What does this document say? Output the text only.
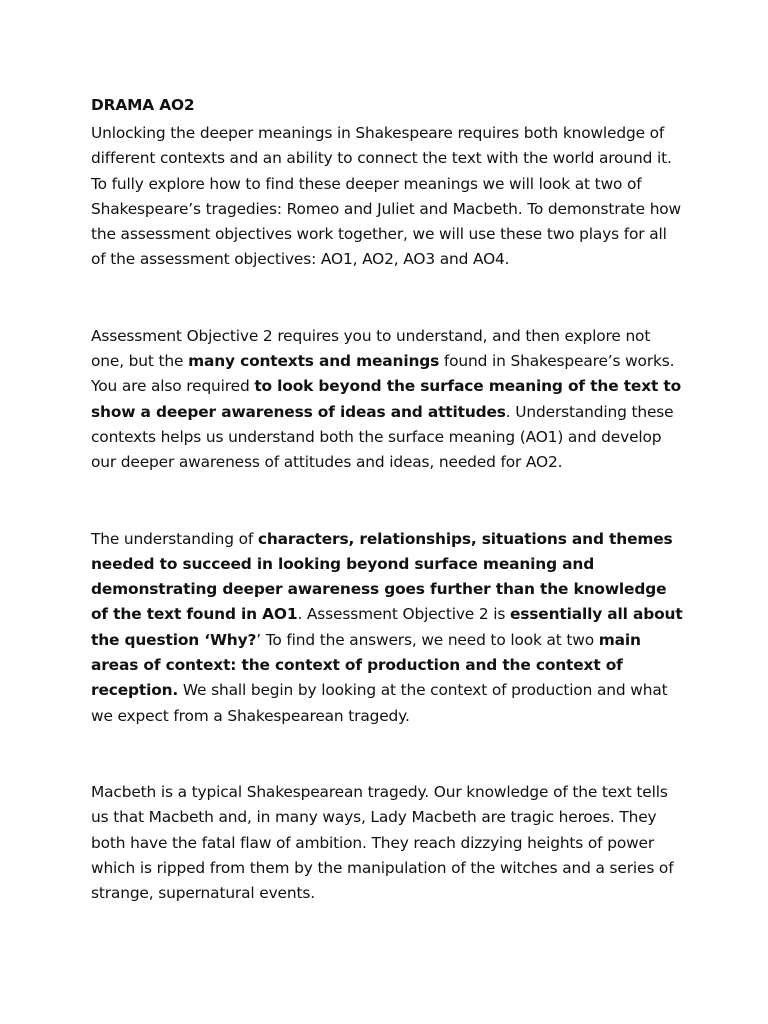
DRAMA AO2

Unlocking the deeper meanings in Shakespeare requires both knowledge of different contexts and an ability to connect the text with the world around it. To fully explore how to find these deeper meanings we will look at two of Shakespeare’s tragedies: Romeo and Juliet and Macbeth. To demonstrate how the assessment objectives work together, we will use these two plays for all of the assessment objectives: AO1, AO2, AO3 and AO4.

Assessment Objective 2 requires you to understand, and then explore not one, but the many contexts and meanings found in Shakespeare’s works. You are also required to look beyond the surface meaning of the text to show a deeper awareness of ideas and attitudes. Understanding these contexts helps us understand both the surface meaning (AO1) and develop our deeper awareness of attitudes and ideas, needed for AO2.

The understanding of characters, relationships, situations and themes needed to succeed in looking beyond surface meaning and demonstrating deeper awareness goes further than the knowledge of the text found in AO1. Assessment Objective 2 is essentially all about the question ‘Why?’ To find the answers, we need to look at two main areas of context: the context of production and the context of reception. We shall begin by looking at the context of production and what we expect from a Shakespearean tragedy.

Macbeth is a typical Shakespearean tragedy. Our knowledge of the text tells us that Macbeth and, in many ways, Lady Macbeth are tragic heroes. They both have the fatal flaw of ambition. They reach dizzying heights of power which is ripped from them by the manipulation of the witches and a series of strange, supernatural events.
